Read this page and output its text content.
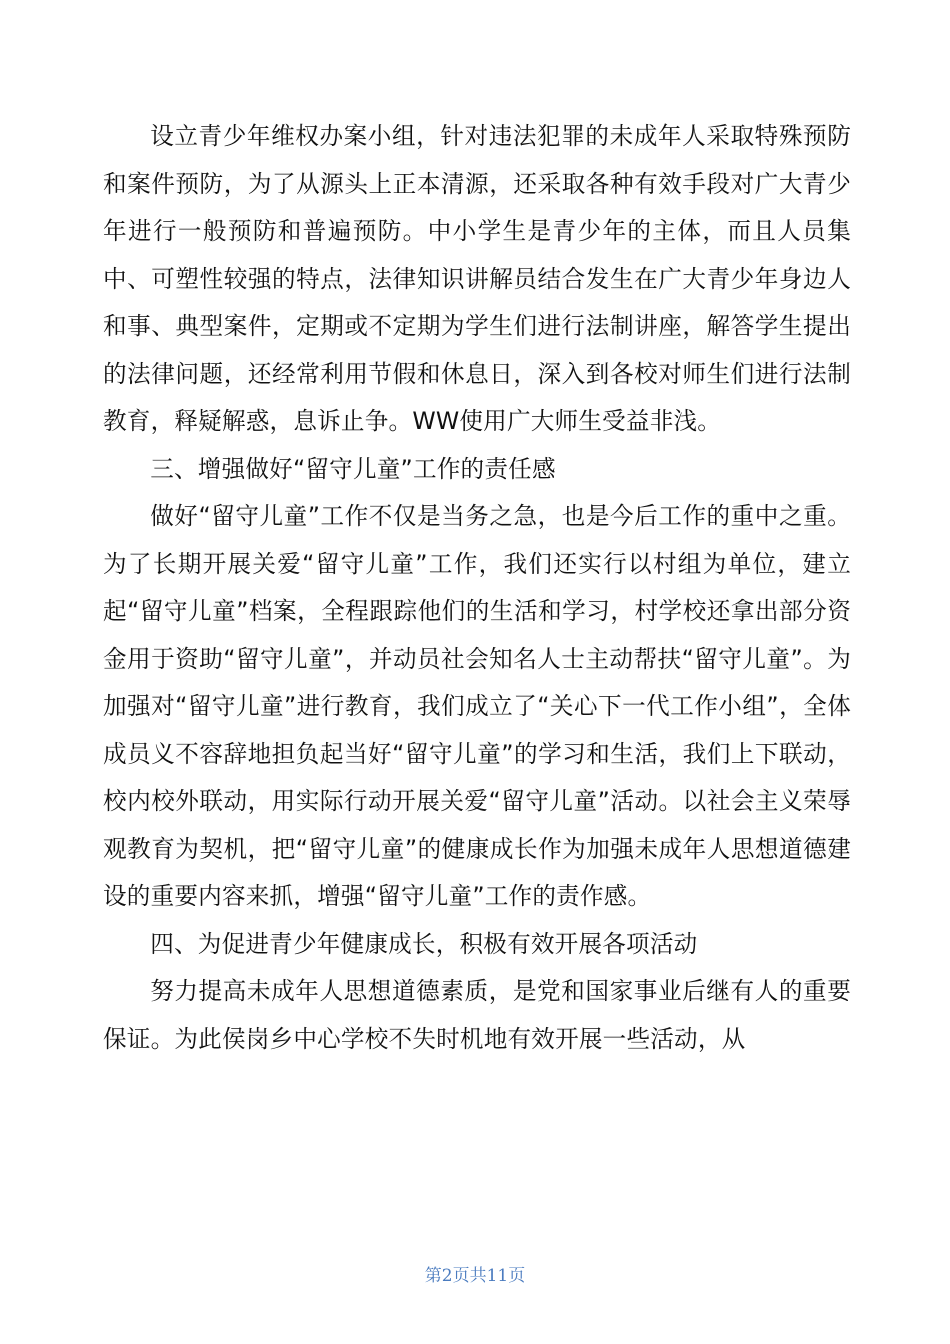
设立青少年维权办案小组，针对违法犯罪的未成年人采取特殊预防和案件预防，为了从源头上正本清源，还采取各种有效手段对广大青少年进行一般预防和普遍预防。中小学生是青少年的主体，而且人员集中、可塑性较强的特点，法律知识讲解员结合发生在广大青少年身边人和事、典型案件，定期或不定期为学生们进行法制讲座，解答学生提出的法律问题，还经常利用节假和休息日，深入到各校对师生们进行法制教育，释疑解惑，息诉止争。WW使用广大师生受益非浅。

三、增强做好“留守儿童”工作的责任感

做好“留守儿童”工作不仅是当务之急，也是今后工作的重中之重。为了长期开展关爱“留守儿童”工作，我们还实行以村组为单位，建立起“留守儿童”档案，全程跟踪他们的生活和学习，村学校还拿出部分资金用于资助“留守儿童”，并动员社会知名人士主动帮扶“留守儿童”。为加强对“留守儿童”进行教育，我们成立了“关心下一代工作小组”，全体成员义不容辞地担负起当好“留守儿童”的学习和生活，我们上下联动，校内校外联动，用实际行动开展关爱“留守儿童”活动。以社会主义荣辱观教育为契机，把“留守儿童”的健康成长作为加强未成年人思想道德建设的重要内容来抓，增强“留守儿童”工作的责作感。

四、为促进青少年健康成长，积极有效开展各项活动

努力提高未成年人思想道德素质，是党和国家事业后继有人的重要保证。为此侯岗乡中心学校不失时机地有效开展一些活动，从

第2页共11页
